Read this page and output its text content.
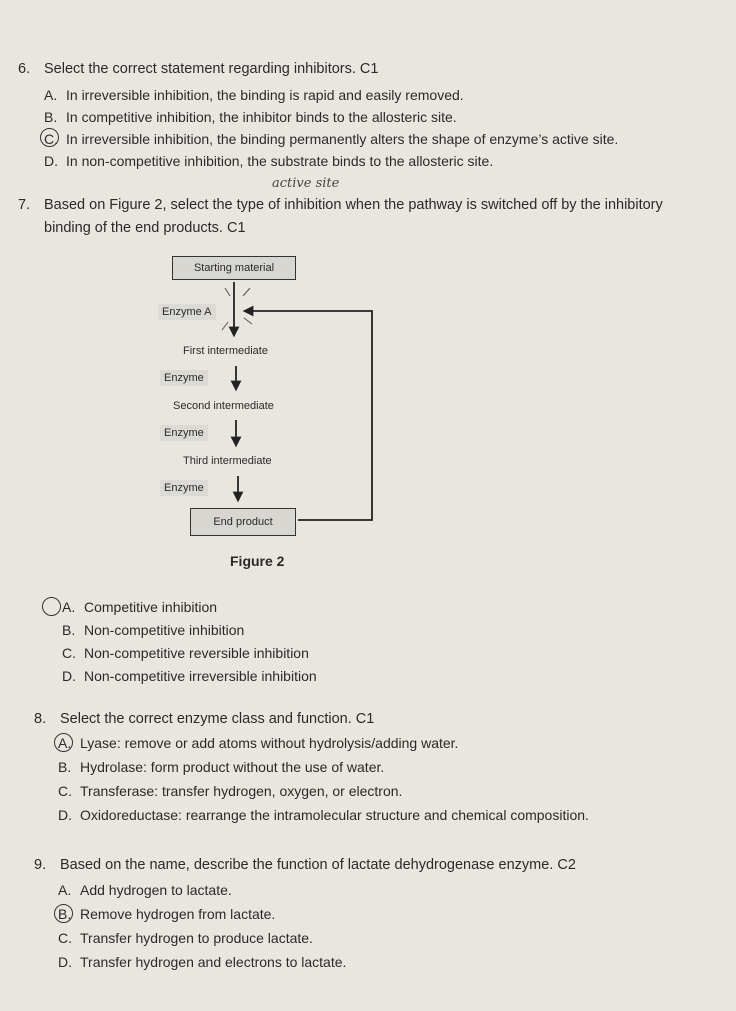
6. Select the correct statement regarding inhibitors. C1
A. In irreversible inhibition, the binding is rapid and easily removed.
B. In competitive inhibition, the inhibitor binds to the allosteric site.
C. In irreversible inhibition, the binding permanently alters the shape of enzyme’s active site.
D. In non-competitive inhibition, the substrate binds to the allosteric site.
active site
7. Based on Figure 2, select the type of inhibition when the pathway is switched off by the inhibitory
binding of the end products. C1
Starting material
Enzyme A
First intermediate
Enzyme
Second intermediate
Enzyme
Third intermediate
Enzyme
End product
Figure 2
A. Competitive inhibition
B. Non-competitive inhibition
C. Non-competitive reversible inhibition
D. Non-competitive irreversible inhibition
8. Select the correct enzyme class and function. C1
A. Lyase: remove or add atoms without hydrolysis/adding water.
B. Hydrolase: form product without the use of water.
C. Transferase: transfer hydrogen, oxygen, or electron.
D. Oxidoreductase: rearrange the intramolecular structure and chemical composition.
9. Based on the name, describe the function of lactate dehydrogenase enzyme. C2
A. Add hydrogen to lactate.
B. Remove hydrogen from lactate.
C. Transfer hydrogen to produce lactate.
D. Transfer hydrogen and electrons to lactate.
